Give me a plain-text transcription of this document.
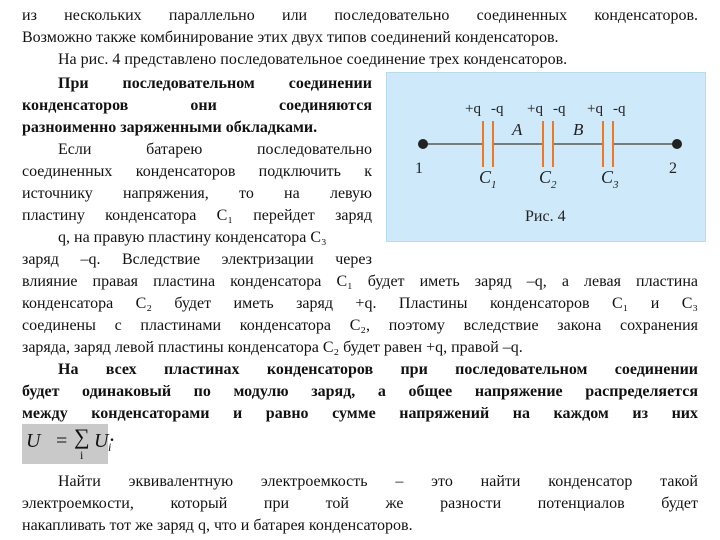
из нескольких параллельно или последовательно соединенных конденсаторов.
Возможно также комбинирование этих двух типов соединений конденсаторов.
На рис. 4 представлено последовательное соединение трех конденсаторов.
При последовательном соединении
конденсаторов они соединяются
разноименно заряженными обкладками.
Если батарею последовательно
соединенных конденсаторов подключить к
источнику напряжения, то на левую
пластину конденсатора C₁ перейдет заряд
q, на правую пластину конденсатора C₃
заряд –q. Вследствие электризации через
влияние правая пластина конденсатора C₁ будет иметь заряд –q, а левая пластина
конденсатора C₂ будет иметь заряд +q. Пластины конденсаторов C₁ и C₃
соединены с пластинами конденсатора C₂, поэтому вследствие закона сохранения
заряда, заряд левой пластины конденсатора C₂ будет равен +q, правой –q.
На всех пластинах конденсаторов при последовательном соединении
будет одинаковый по модулю заряд, а общее напряжение распределяется
между конденсаторами и равно сумме напряжений на каждом из них
U = ∑
i
U i
.
Найти эквивалентную электроемкость – это найти конденсатор такой
электроемкости, который при той же разности потенциалов будет
накапливать тот же заряд q, что и батарея конденсаторов.
+q -q +q -q +q -q
A	B
1	2
C 1 C 2 C 3
Рис. 4
